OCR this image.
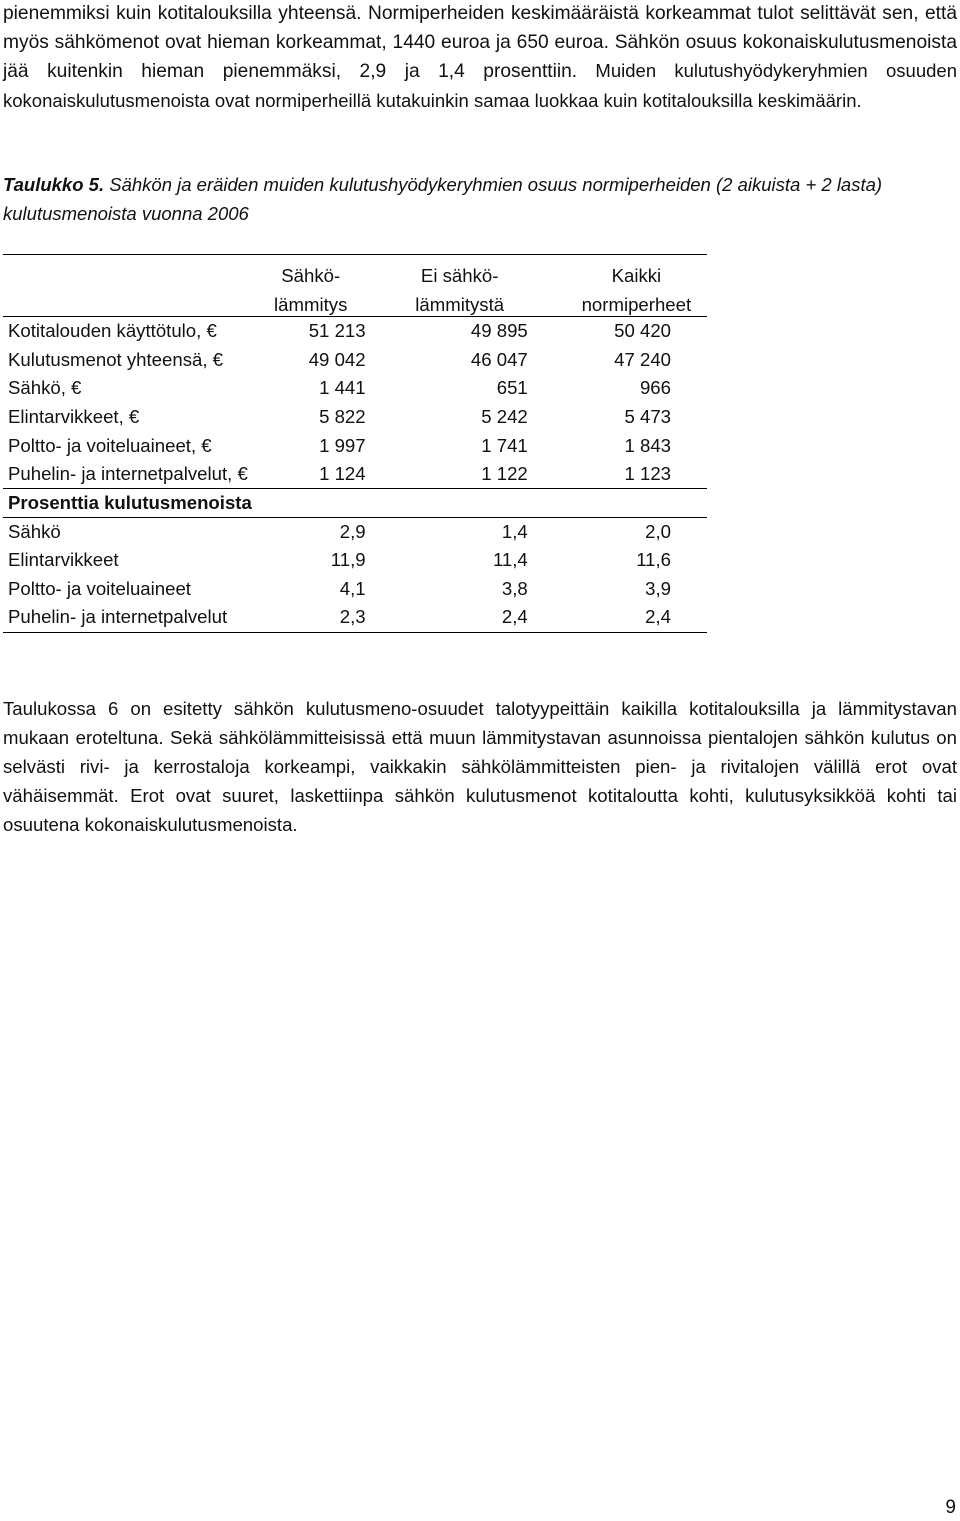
pienemmiksi kuin kotitalouksilla yhteensä. Normiperheiden keskimääräistä korkeammat tulot selittävät sen, että myös sähkömenot ovat hieman korkeammat, 1440 euroa ja 650 euroa. Sähkön osuus kokonaiskulutusmenoista jää kuitenkin hieman pienemmäksi, 2,9 ja 1,4 prosenttiin. Muiden kulutushyödykeryhmien osuuden kokonaiskulutusmenoista ovat normiperheillä kutakuinkin samaa luokkaa kuin kotitalouksilla keskimäärin.

Taulukko 5. Sähkön ja eräiden muiden kulutushyödykeryhmien osuus normiperheiden (2 aikuista + 2 lasta) kulutusmenoista vuonna 2006

	Sähkö-	Ei sähkö-	Kaikki
	lämmitys	lämmitystä	normiperheet
Kotitalouden käyttötulo, €	51 213	49 895	50 420
Kulutusmenot yhteensä, €	49 042	46 047	47 240
Sähkö, €	1 441	651	966
Elintarvikkeet, €	5 822	5 242	5 473
Poltto- ja voiteluaineet, €	1 997	1 741	1 843
Puhelin- ja internetpalvelut, €	1 124	1 122	1 123
Prosenttia kulutusmenoista			
Sähkö	2,9	1,4	2,0
Elintarvikkeet	11,9	11,4	11,6
Poltto- ja voiteluaineet	4,1	3,8	3,9
Puhelin- ja internetpalvelut	2,3	2,4	2,4

Taulukossa 6 on esitetty sähkön kulutusmeno-osuudet talotyypeittäin kaikilla kotitalouksilla ja lämmitystavan mukaan eroteltuna. Sekä sähkölämmitteisissä että muun lämmitystavan asunnoissa pientalojen sähkön kulutus on selvästi rivi- ja kerrostaloja korkeampi, vaikkakin sähkölämmitteisten pien- ja rivitalojen välillä erot ovat vähäisemmät. Erot ovat suuret, laskettiinpa sähkön kulutusmenot kotitaloutta kohti, kulutusyksikköä kohti tai osuutena kokonaiskulutusmenoista.

9
